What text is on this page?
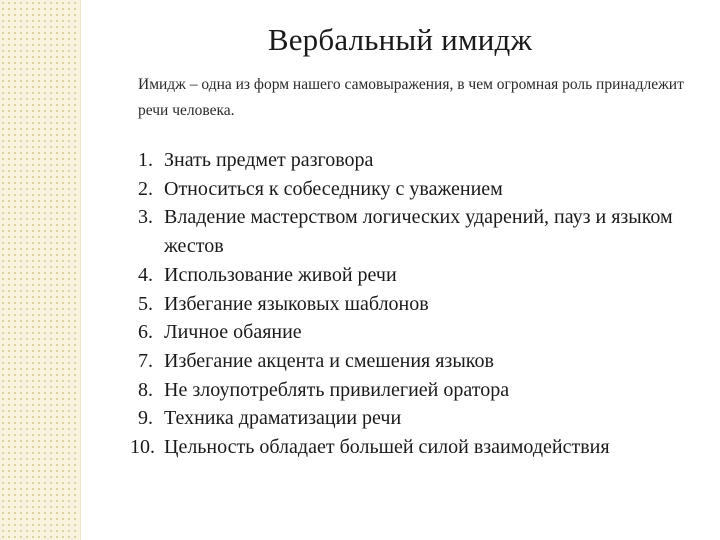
Вербальный имидж

Имидж – одна из форм нашего самовыражения, в чем огромная роль принадлежит речи человека.

1. Знать предмет разговора
2. Относиться к собеседнику с уважением
3. Владение мастерством логических ударений, пауз и языком жестов
4. Использование живой речи
5. Избегание языковых шаблонов
6. Личное обаяние
7. Избегание акцента и смешения языков
8. Не злоупотреблять привилегией оратора
9. Техника драматизации речи
10. Цельность обладает большей силой взаимодействия
